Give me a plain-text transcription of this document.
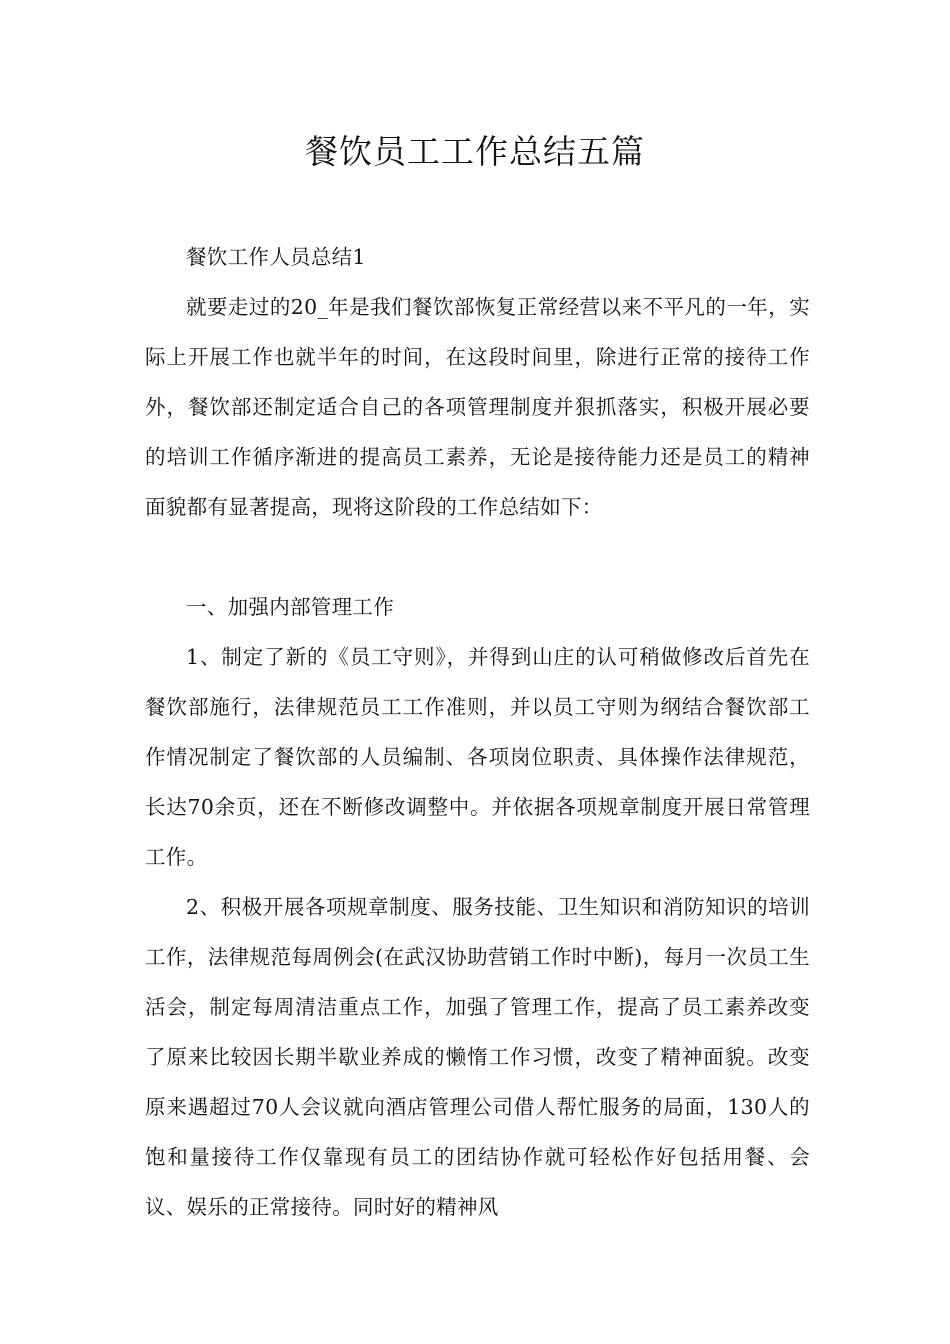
餐饮员工工作总结五篇

餐饮工作人员总结1

就要走过的20_年是我们餐饮部恢复正常经营以来不平凡的一年，实际上开展工作也就半年的时间，在这段时间里，除进行正常的接待工作外，餐饮部还制定适合自己的各项管理制度并狠抓落实，积极开展必要的培训工作循序渐进的提高员工素养，无论是接待能力还是员工的精神面貌都有显著提高，现将这阶段的工作总结如下：

一、加强内部管理工作

1、制定了新的《员工守则》，并得到山庄的认可稍做修改后首先在餐饮部施行，法律规范员工工作准则，并以员工守则为纲结合餐饮部工作情况制定了餐饮部的人员编制、各项岗位职责、具体操作法律规范，长达70余页，还在不断修改调整中。并依据各项规章制度开展日常管理工作。

2、积极开展各项规章制度、服务技能、卫生知识和消防知识的培训工作，法律规范每周例会(在武汉协助营销工作时中断)，每月一次员工生活会，制定每周清洁重点工作，加强了管理工作，提高了员工素养改变了原来比较因长期半歇业养成的懒惰工作习惯，改变了精神面貌。改变原来遇超过70人会议就向酒店管理公司借人帮忙服务的局面，130人的饱和量接待工作仅靠现有员工的团结协作就可轻松作好包括用餐、会议、娱乐的正常接待。同时好的精神风
